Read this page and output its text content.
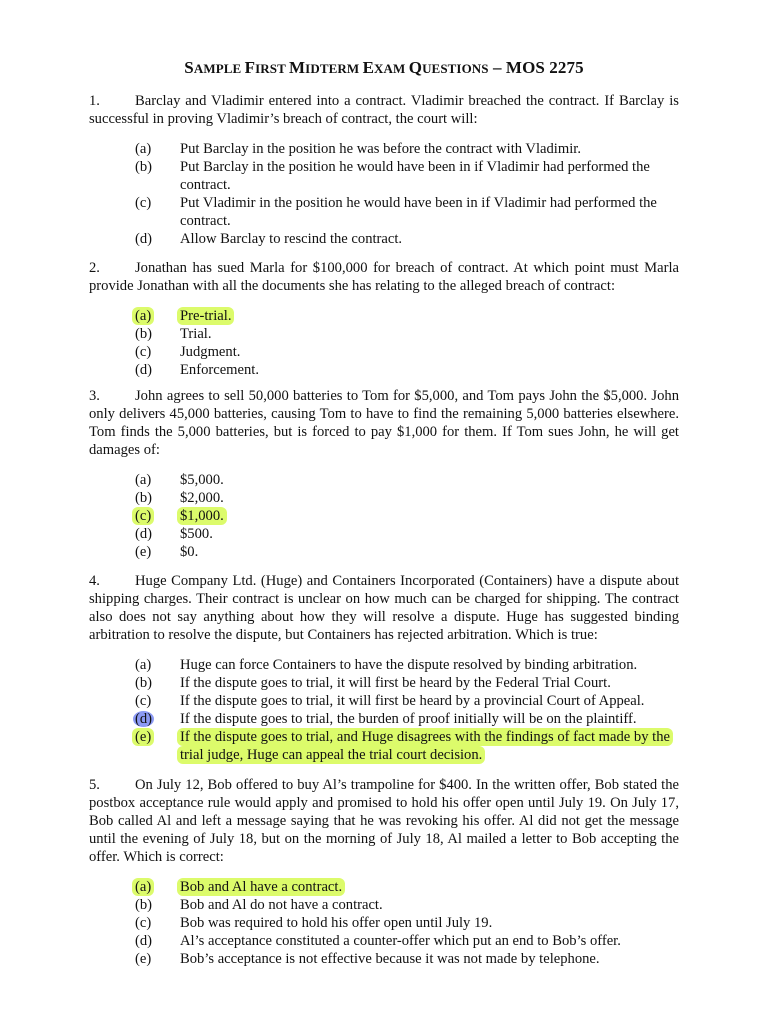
SAMPLE FIRST MIDTERM EXAM QUESTIONS – MOS 2275

1. Barclay and Vladimir entered into a contract. Vladimir breached the contract. If Barclay is successful in proving Vladimir’s breach of contract, the court will:

(a) Put Barclay in the position he was before the contract with Vladimir.
(b) Put Barclay in the position he would have been in if Vladimir had performed the contract.
(c) Put Vladimir in the position he would have been in if Vladimir had performed the contract.
(d) Allow Barclay to rescind the contract.

2. Jonathan has sued Marla for $100,000 for breach of contract. At which point must Marla provide Jonathan with all the documents she has relating to the alleged breach of contract:

(a) Pre-trial.
(b) Trial.
(c) Judgment.
(d) Enforcement.

3. John agrees to sell 50,000 batteries to Tom for $5,000, and Tom pays John the $5,000. John only delivers 45,000 batteries, causing Tom to have to find the remaining 5,000 batteries elsewhere. Tom finds the 5,000 batteries, but is forced to pay $1,000 for them. If Tom sues John, he will get damages of:

(a) $5,000.
(b) $2,000.
(c) $1,000.
(d) $500.
(e) $0.

4. Huge Company Ltd. (Huge) and Containers Incorporated (Containers) have a dispute about shipping charges. Their contract is unclear on how much can be charged for shipping. The contract also does not say anything about how they will resolve a dispute. Huge has suggested binding arbitration to resolve the dispute, but Containers has rejected arbitration. Which is true:

(a) Huge can force Containers to have the dispute resolved by binding arbitration.
(b) If the dispute goes to trial, it will first be heard by the Federal Trial Court.
(c) If the dispute goes to trial, it will first be heard by a provincial Court of Appeal.
(d) If the dispute goes to trial, the burden of proof initially will be on the plaintiff.
(e) If the dispute goes to trial, and Huge disagrees with the findings of fact made by the trial judge, Huge can appeal the trial court decision.

5. On July 12, Bob offered to buy Al’s trampoline for $400. In the written offer, Bob stated the postbox acceptance rule would apply and promised to hold his offer open until July 19. On July 17, Bob called Al and left a message saying that he was revoking his offer. Al did not get the message until the evening of July 18, but on the morning of July 18, Al mailed a letter to Bob accepting the offer. Which is correct:

(a) Bob and Al have a contract.
(b) Bob and Al do not have a contract.
(c) Bob was required to hold his offer open until July 19.
(d) Al’s acceptance constituted a counter-offer which put an end to Bob’s offer.
(e) Bob’s acceptance is not effective because it was not made by telephone.
